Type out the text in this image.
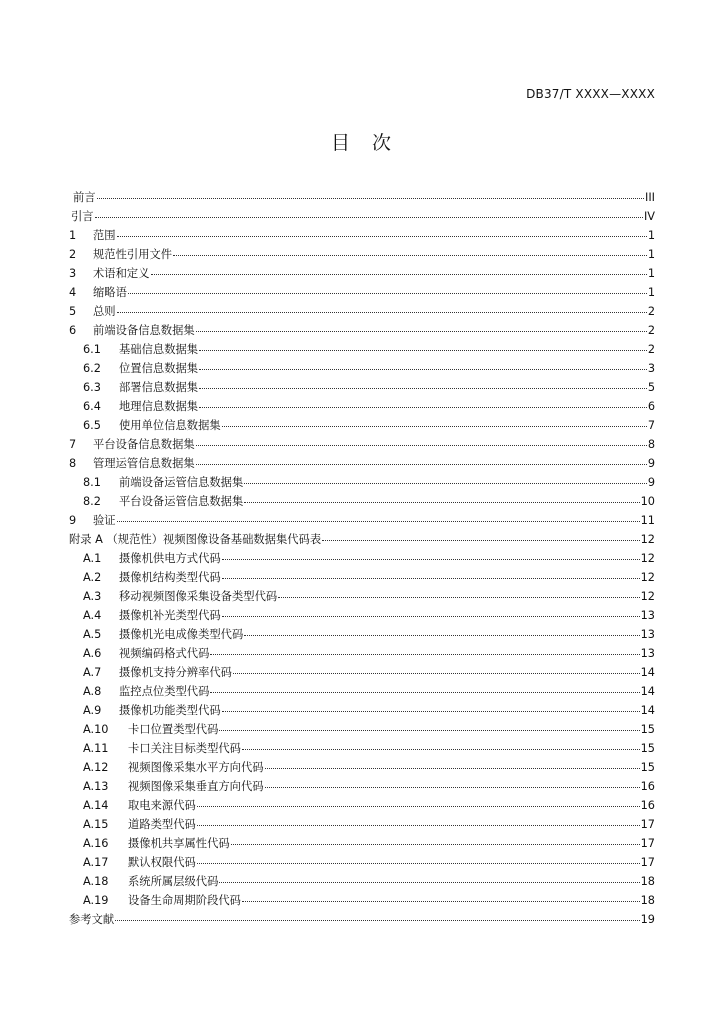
DB37/T XXXX—XXXX
目 次
前言	III
引言	IV
1	范围	1
2	规范性引用文件	1
3	术语和定义	1
4	缩略语	1
5	总则	2
6	前端设备信息数据集	2
6.1	基础信息数据集	2
6.2	位置信息数据集	3
6.3	部署信息数据集	5
6.4	地理信息数据集	6
6.5	使用单位信息数据集	7
7	平台设备信息数据集	8
8	管理运管信息数据集	9
8.1	前端设备运管信息数据集	9
8.2	平台设备运管信息数据集	10
9	验证	11
附录 A （规范性）视频图像设备基础数据集代码表	12
A.1	摄像机供电方式代码	12
A.2	摄像机结构类型代码	12
A.3	移动视频图像采集设备类型代码	12
A.4	摄像机补光类型代码	13
A.5	摄像机光电成像类型代码	13
A.6	视频编码格式代码	13
A.7	摄像机支持分辨率代码	14
A.8	监控点位类型代码	14
A.9	摄像机功能类型代码	14
A.10	卡口位置类型代码	15
A.11	卡口关注目标类型代码	15
A.12	视频图像采集水平方向代码	15
A.13	视频图像采集垂直方向代码	16
A.14	取电来源代码	16
A.15	道路类型代码	17
A.16	摄像机共享属性代码	17
A.17	默认权限代码	17
A.18	系统所属层级代码	18
A.19	设备生命周期阶段代码	18
参考文献	19
